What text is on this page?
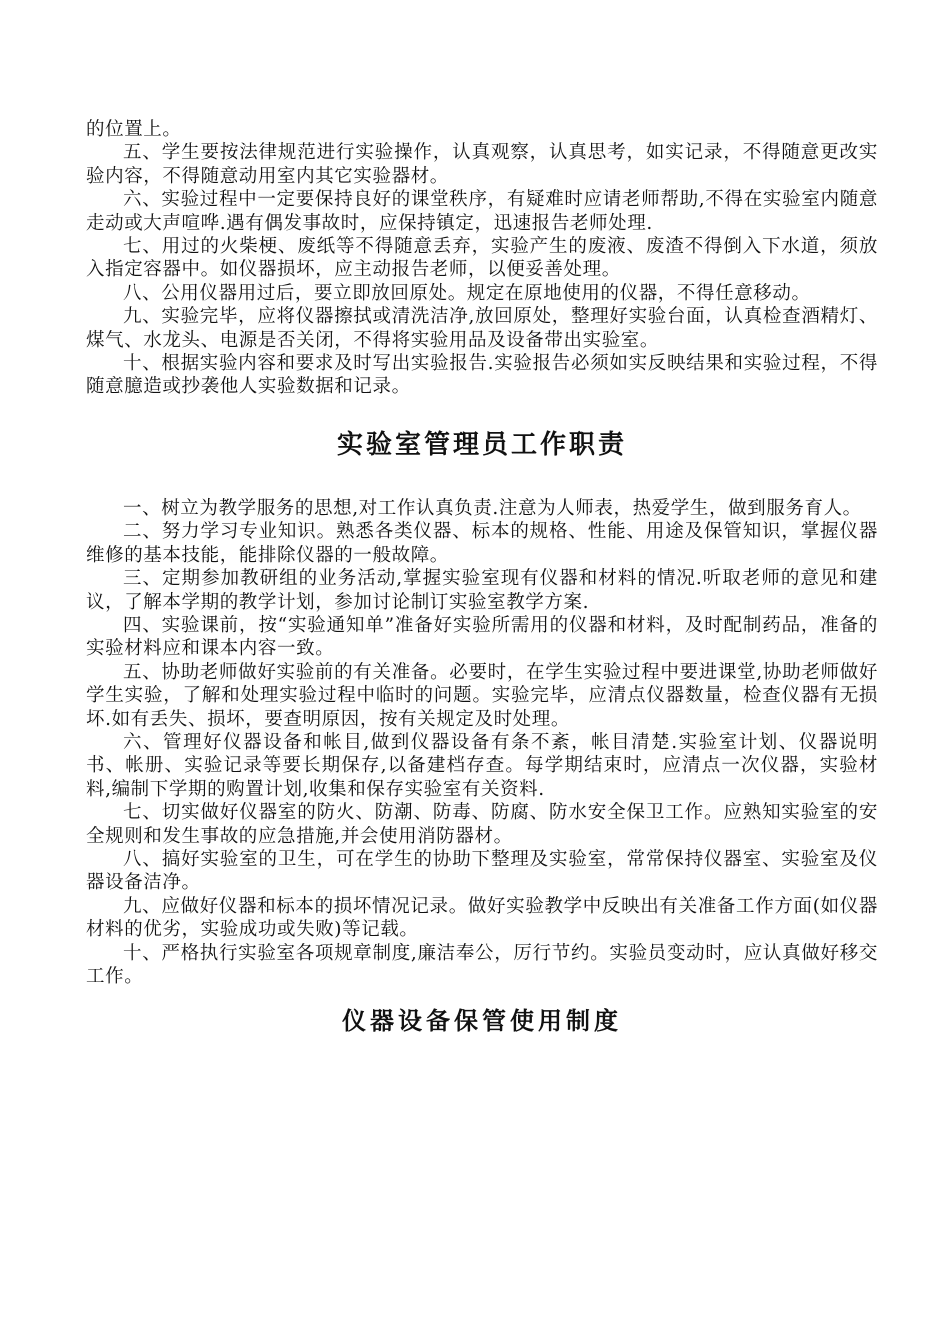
的位置上。

五、学生要按法律规范进行实验操作，认真观察，认真思考，如实记录，不得随意更改实验内容，不得随意动用室内其它实验器材。

六、实验过程中一定要保持良好的课堂秩序，有疑难时应请老师帮助,不得在实验室内随意走动或大声喧哗.遇有偶发事故时，应保持镇定，迅速报告老师处理.

七、用过的火柴梗、废纸等不得随意丢弃，实验产生的废液、废渣不得倒入下水道，须放入指定容器中。如仪器损坏，应主动报告老师，以便妥善处理。

八、公用仪器用过后，要立即放回原处。规定在原地使用的仪器，不得任意移动。

九、实验完毕，应将仪器擦拭或清洗洁净,放回原处，整理好实验台面，认真检查酒精灯、煤气、水龙头、电源是否关闭，不得将实验用品及设备带出实验室。

十、根据实验内容和要求及时写出实验报告.实验报告必须如实反映结果和实验过程，不得随意臆造或抄袭他人实验数据和记录。

实验室管理员工作职责

一、树立为教学服务的思想,对工作认真负责.注意为人师表，热爱学生，做到服务育人。

二、努力学习专业知识。熟悉各类仪器、标本的规格、性能、用途及保管知识，掌握仪器维修的基本技能，能排除仪器的一般故障。

三、定期参加教研组的业务活动,掌握实验室现有仪器和材料的情况.听取老师的意见和建议，了解本学期的教学计划，参加讨论制订实验室教学方案.

四、实验课前，按“实验通知单”准备好实验所需用的仪器和材料，及时配制药品，准备的实验材料应和课本内容一致。

五、协助老师做好实验前的有关准备。必要时，在学生实验过程中要进课堂,协助老师做好学生实验，了解和处理实验过程中临时的问题。实验完毕，应清点仪器数量，检查仪器有无损坏.如有丢失、损坏，要查明原因，按有关规定及时处理。

六、管理好仪器设备和帐目,做到仪器设备有条不紊，帐目清楚.实验室计划、仪器说明书、帐册、实验记录等要长期保存,以备建档存查。每学期结束时，应清点一次仪器，实验材料,编制下学期的购置计划,收集和保存实验室有关资料.

七、切实做好仪器室的防火、防潮、防毒、防腐、防水安全保卫工作。应熟知实验室的安全规则和发生事故的应急措施,并会使用消防器材。

八、搞好实验室的卫生，可在学生的协助下整理及实验室，常常保持仪器室、实验室及仪器设备洁净。

九、应做好仪器和标本的损坏情况记录。做好实验教学中反映出有关准备工作方面(如仪器材料的优劣，实验成功或失败)等记载。

十、严格执行实验室各项规章制度,廉洁奉公，厉行节约。实验员变动时，应认真做好移交工作。

仪器设备保管使用制度
